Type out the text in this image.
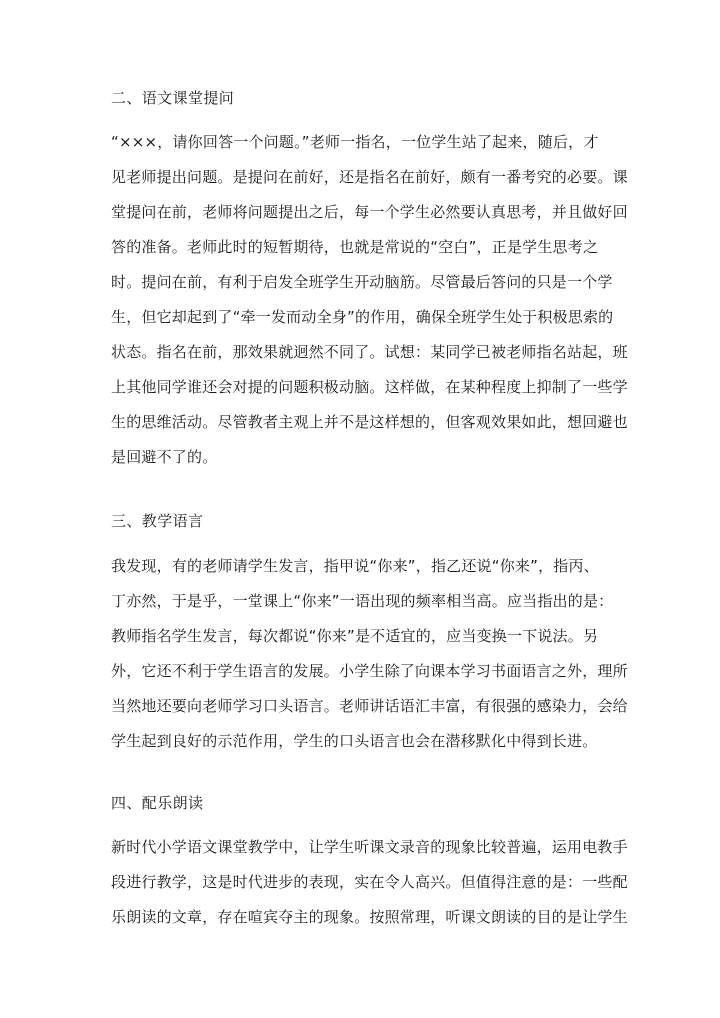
二、语文课堂提问
“×××，请你回答一个问题。”老师一指名，一位学生站了起来，随后，才
见老师提出问题。是提问在前好，还是指名在前好，颇有一番考究的必要。课
堂提问在前，老师将问题提出之后，每一个学生必然要认真思考，并且做好回
答的准备。老师此时的短暂期待，也就是常说的“空白”，正是学生思考之
时。提问在前，有利于启发全班学生开动脑筋。尽管最后答问的只是一个学
生，但它却起到了“牵一发而动全身”的作用，确保全班学生处于积极思索的
状态。指名在前，那效果就迥然不同了。试想：某同学已被老师指名站起，班
上其他同学谁还会对提的问题积极动脑。这样做，在某种程度上抑制了一些学
生的思维活动。尽管教者主观上并不是这样想的，但客观效果如此，想回避也
是回避不了的。
三、教学语言
我发现，有的老师请学生发言，指甲说“你来”，指乙还说“你来”，指丙、
丁亦然，于是乎，一堂课上“你来”一语出现的频率相当高。应当指出的是：
教师指名学生发言，每次都说“你来”是不适宜的，应当变换一下说法。另
外，它还不利于学生语言的发展。小学生除了向课本学习书面语言之外，理所
当然地还要向老师学习口头语言。老师讲话语汇丰富，有很强的感染力，会给
学生起到良好的示范作用，学生的口头语言也会在潜移默化中得到长进。
四、配乐朗读
新时代小学语文课堂教学中，让学生听课文录音的现象比较普遍，运用电教手
段进行教学，这是时代进步的表现，实在令人高兴。但值得注意的是：一些配
乐朗读的文章，存在喧宾夺主的现象。按照常理，听课文朗读的目的是让学生
